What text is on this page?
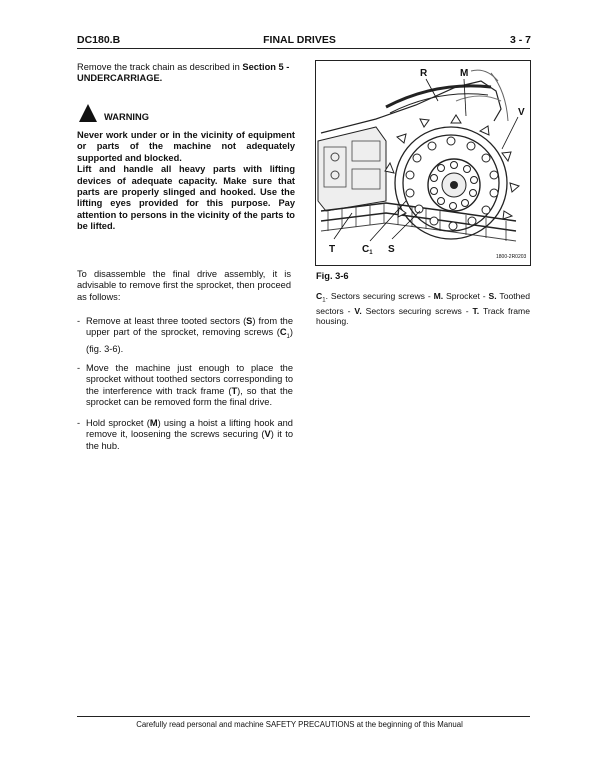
DC180.B	FINAL DRIVES	3 - 7
Remove the track chain as described in Section 5 - UNDERCARRIAGE.
WARNING
Never work under or in the vicinity of equipment or parts of the machine not adequately supported and blocked.
Lift and handle all heavy parts with lifting devices of adequate capacity. Make sure that parts are properly slinged and hooked. Use the lifting eyes provided for this purpose. Pay attention to persons in the vicinity of the parts to be lifted.
To disassemble the final drive assembly, it is advisable to remove first the sprocket, then proceed as follows:
- Remove at least three tooted sectors (S) from the upper part of the sprocket, removing screws $(C_1)$ (fig. 3-6).
- Move the machine just enough to place the sprocket without toothed sectors corresponding to the interference with track frame (T), so that the sprocket can be removed form the final drive.
- Hold sprocket (M) using a hoist a lifting hook and remove it, loosening the screws securing (V) it to the hub.
R	M
V
T	$C_1$ S
1800-2R0203
Fig. 3-6
$C_1$. Sectors securing screws - M. Sprocket - S. Toothed sectors - V. Sectors securing screws - T. Track frame housing.
Carefully read personal and machine SAFETY PRECAUTIONS at the beginning of this Manual
